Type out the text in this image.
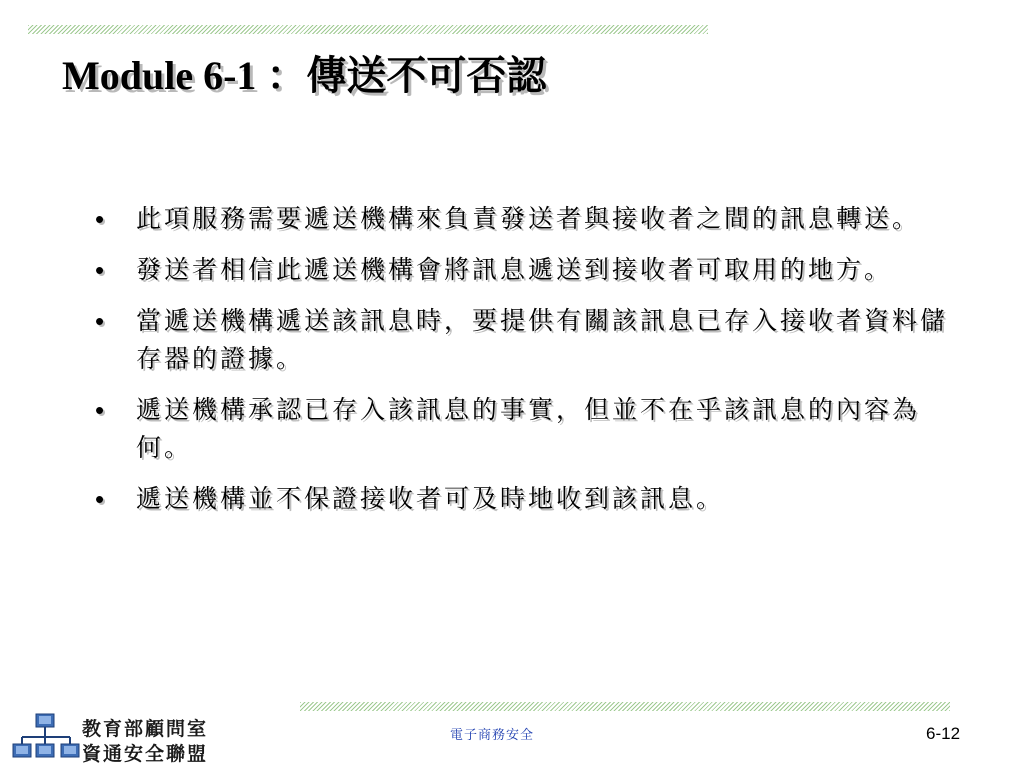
Module 6-1 ：傳送不可否認
• 此項服務需要遞送機構來負責發送者與接收者之間的訊息轉送。
• 發送者相信此遞送機構會將訊息遞送到接收者可取用的地方。
• 當遞送機構遞送該訊息時，要提供有關該訊息已存入接收者資料儲存器的證據。
• 遞送機構承認已存入該訊息的事實，但並不在乎該訊息的內容為何。
• 遞送機構並不保證接收者可及時地收到該訊息。
教育部顧問室
資通安全聯盟
電子商務安全	6-12
